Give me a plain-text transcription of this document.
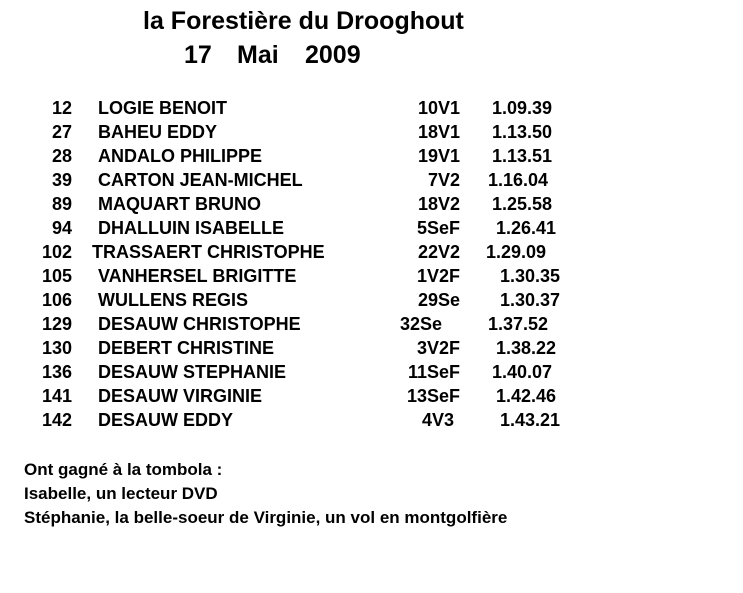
la Forestière du Drooghout
17 Mai 2009
12 LOGIE BENOIT	10V1 1.09.39
27 BAHEU EDDY	18V1 1.13.50
28 ANDALO PHILIPPE	19V1 1.13.51
39 CARTON JEAN-MICHEL	7V2 1.16.04
89 MAQUART BRUNO	18V2 1.25.58
94 DHALLUIN ISABELLE	5SeF 1.26.41
102 TRASSAERT CHRISTOPHE	22V2 1.29.09
105 VANHERSEL BRIGITTE	1V2F 1.30.35
106 WULLENS REGIS	29Se 1.30.37
129 DESAUW CHRISTOPHE	32Se	1.37.52
130 DEBERT CHRISTINE	3V2F 1.38.22
136 DESAUW STEPHANIE	11SeF 1.40.07
141 DESAUW VIRGINIE	13SeF 1.42.46
142 DESAUW EDDY	4V3	1.43.21
Ont gagné à la tombola :
Isabelle, un lecteur DVD
Stéphanie, la belle-soeur de Virginie, un vol en montgolfière
